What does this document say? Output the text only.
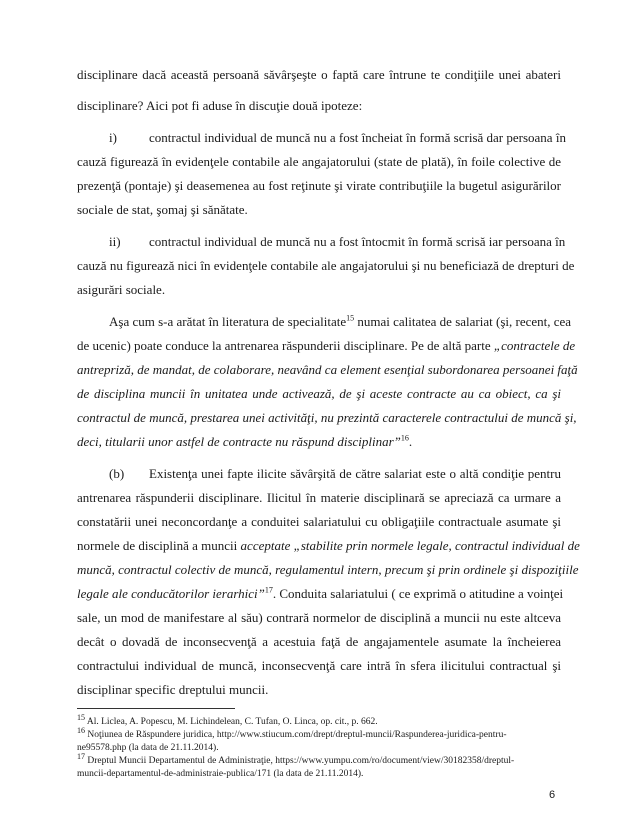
disciplinare dacă această persoană săvârşeşte o faptă care întrune te condiţiile unei abateri
disciplinare? Aici pot fi aduse în discuţie două ipoteze:
i)	contractul individual de muncă nu a fost încheiat în formă scrisă dar persoana în
cauză figurează în evidenţele contabile ale angajatorului (state de plată), în foile colective de
prezenţă (pontaje) şi deasemenea au fost reţinute şi virate contribuţiile la bugetul asigurărilor
sociale de stat, şomaj şi sănătate.
ii)	contractul individual de muncă nu a fost întocmit în formă scrisă iar persoana în
cauză nu figurează nici în evidenţele contabile ale angajatorului şi nu beneficiază de drepturi de
asigurări sociale.
Aşa cum s-a arătat în literatura de specialitate$^{15}$ numai calitatea de salariat (şi, recent, cea
de ucenic) poate conduce la antrenarea răspunderii disciplinare. Pe de altă parte „contractele de
antrepriză, de mandat, de colaborare, neavând ca element esenţial subordonarea persoanei faţă
de disciplina muncii în unitatea unde activează, de şi aceste contracte au ca obiect, ca şi
contractul de muncă, prestarea unei activităţi, nu prezintă caracterele contractului de muncă şi,
deci, titularii unor astfel de contracte nu răspund disciplinar”$^{16}$.
(b)	Existenţa unei fapte ilicite săvârşită de către salariat este o altă condiţie pentru
antrenarea răspunderii disciplinare. Ilicitul în materie disciplinară se apreciază ca urmare a
constatării unei neconcordanţe a conduitei salariatului cu obligaţiile contractuale asumate şi
normele de disciplină a muncii acceptate „stabilite prin normele legale, contractul individual de
muncă, contractul colectiv de muncă, regulamentul intern, precum şi prin ordinele şi dispoziţiile
legale ale conducătorilor ierarhici”$^{17}$. Conduita salariatului ( ce exprimă o atitudine a voinţei
sale, un mod de manifestare al său) contrară normelor de disciplină a muncii nu este altceva
decât o dovadă de inconsecvenţă a acestuia faţă de angajamentele asumate la încheierea
contractului individual de muncă, inconsecvenţă care intră în sfera ilicitului contractual şi
disciplinar specific dreptului muncii.
$^{15}$ Al. Liclea, A. Popescu, M. Lichindelean, C. Tufan, O. Linca, op. cit., p. 662.
$^{16}$ Noţiunea de Răspundere juridica, http://www.stiucum.com/drept/dreptul-muncii/Raspunderea-juridica-pentru-
ne95578.php (la data de 21.11.2014).
$^{17}$ Dreptul Muncii Departamentul de Administraţie, https://www.yumpu.com/ro/document/view/30182358/dreptul-
muncii-departamentul-de-administraie-publica/171 (la data de 21.11.2014).
6
